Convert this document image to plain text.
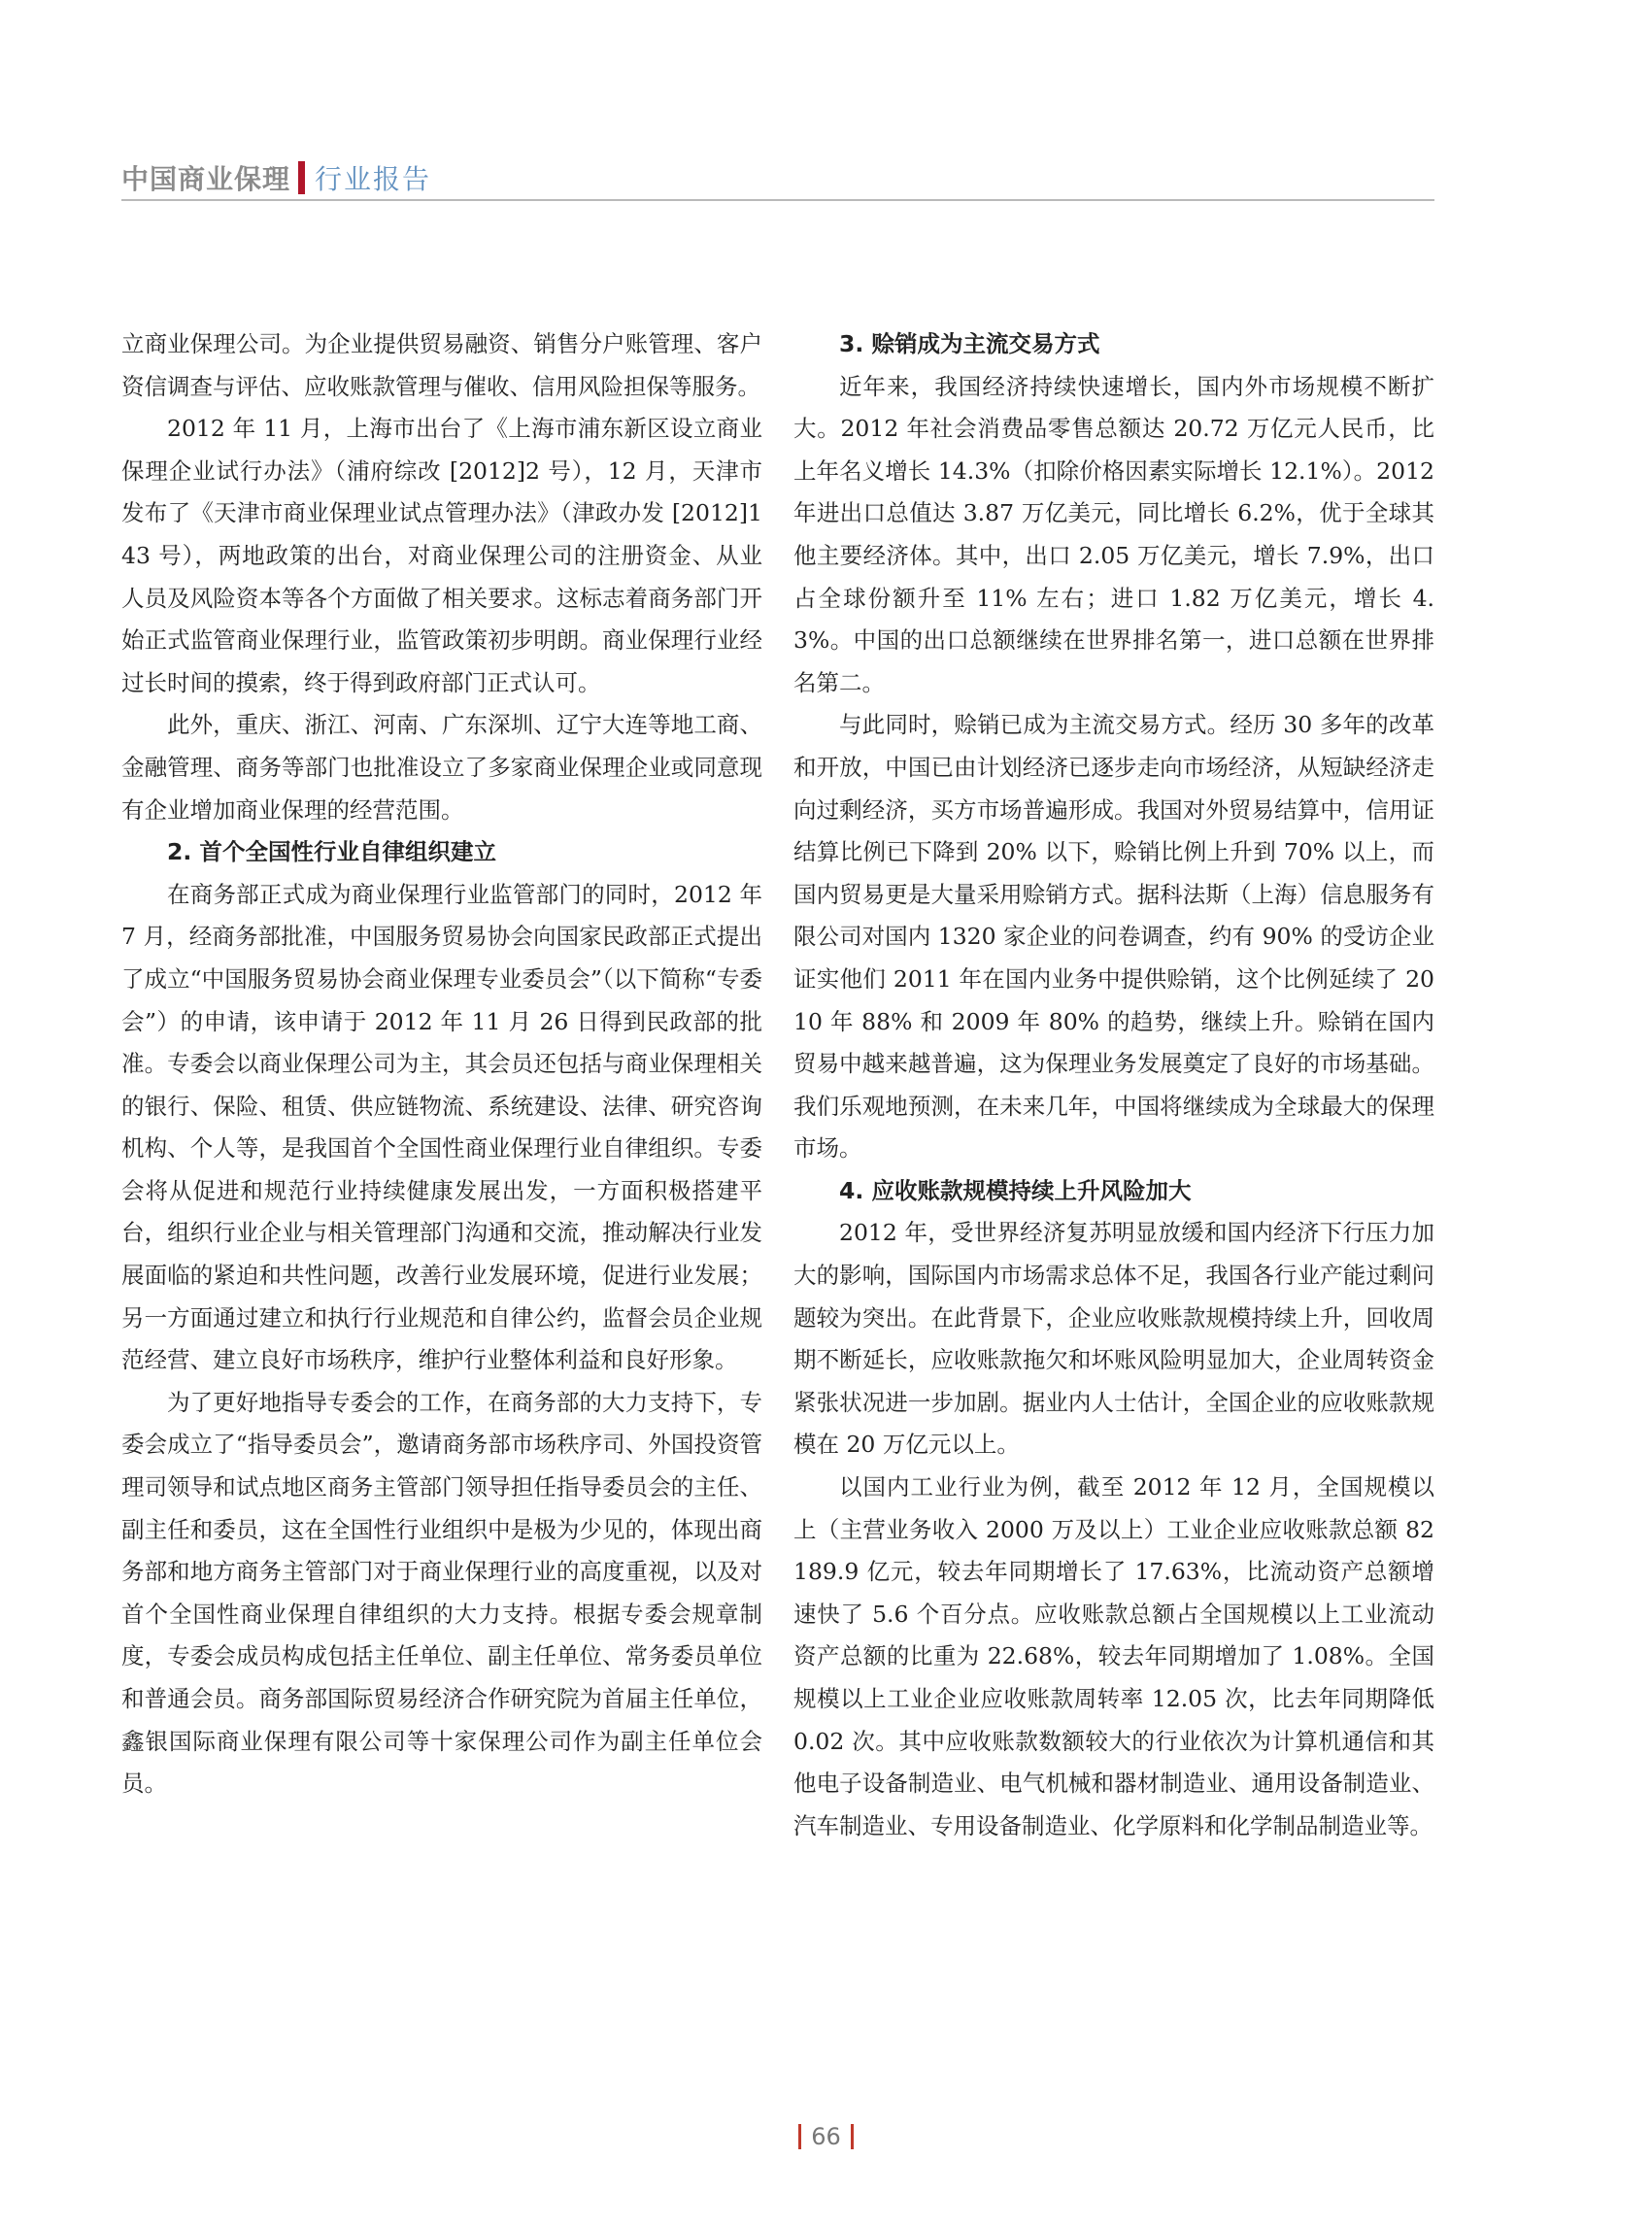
中国商业保理 行业报告

立商业保理公司。为企业提供贸易融资、销售分户账管理、客户资信调查与评估、应收账款管理与催收、信用风险担保等服务。

2012 年 11 月，上海市出台了《上海市浦东新区设立商业保理企业试行办法》（浦府综改 [2012]2 号），12 月，天津市发布了《天津市商业保理业试点管理办法》（津政办发 [2012]143 号），两地政策的出台，对商业保理公司的注册资金、从业人员及风险资本等各个方面做了相关要求。这标志着商务部门开始正式监管商业保理行业，监管政策初步明朗。商业保理行业经过长时间的摸索，终于得到政府部门正式认可。

此外，重庆、浙江、河南、广东深圳、辽宁大连等地工商、金融管理、商务等部门也批准设立了多家商业保理企业或同意现有企业增加商业保理的经营范围。

2. 首个全国性行业自律组织建立

在商务部正式成为商业保理行业监管部门的同时，2012 年 7 月，经商务部批准，中国服务贸易协会向国家民政部正式提出了成立“中国服务贸易协会商业保理专业委员会”（以下简称“专委会”）的申请，该申请于 2012 年 11 月 26 日得到民政部的批准。专委会以商业保理公司为主，其会员还包括与商业保理相关的银行、保险、租赁、供应链物流、系统建设、法律、研究咨询机构、个人等，是我国首个全国性商业保理行业自律组织。专委会将从促进和规范行业持续健康发展出发，一方面积极搭建平台，组织行业企业与相关管理部门沟通和交流，推动解决行业发展面临的紧迫和共性问题，改善行业发展环境，促进行业发展；另一方面通过建立和执行行业规范和自律公约，监督会员企业规范经营、建立良好市场秩序，维护行业整体利益和良好形象。

为了更好地指导专委会的工作，在商务部的大力支持下，专委会成立了“指导委员会”，邀请商务部市场秩序司、外国投资管理司领导和试点地区商务主管部门领导担任指导委员会的主任、副主任和委员，这在全国性行业组织中是极为少见的，体现出商务部和地方商务主管部门对于商业保理行业的高度重视，以及对首个全国性商业保理自律组织的大力支持。根据专委会规章制度，专委会成员构成包括主任单位、副主任单位、常务委员单位和普通会员。商务部国际贸易经济合作研究院为首届主任单位，鑫银国际商业保理有限公司等十家保理公司作为副主任单位会员。

3. 赊销成为主流交易方式

近年来，我国经济持续快速增长，国内外市场规模不断扩大。2012 年社会消费品零售总额达 20.72 万亿元人民币，比上年名义增长 14.3%（扣除价格因素实际增长 12.1%）。2012 年进出口总值达 3.87 万亿美元，同比增长 6.2%，优于全球其他主要经济体。其中，出口 2.05 万亿美元，增长 7.9%，出口占全球份额升至 11% 左右；进口 1.82 万亿美元，增长 4.3%。中国的出口总额继续在世界排名第一，进口总额在世界排名第二。

与此同时，赊销已成为主流交易方式。经历 30 多年的改革和开放，中国已由计划经济已逐步走向市场经济，从短缺经济走向过剩经济，买方市场普遍形成。我国对外贸易结算中，信用证结算比例已下降到 20% 以下，赊销比例上升到 70% 以上，而国内贸易更是大量采用赊销方式。据科法斯（上海）信息服务有限公司对国内 1320 家企业的问卷调查，约有 90% 的受访企业证实他们 2011 年在国内业务中提供赊销，这个比例延续了 2010 年 88% 和 2009 年 80% 的趋势，继续上升。赊销在国内贸易中越来越普遍，这为保理业务发展奠定了良好的市场基础。我们乐观地预测，在未来几年，中国将继续成为全球最大的保理市场。

4. 应收账款规模持续上升风险加大

2012 年，受世界经济复苏明显放缓和国内经济下行压力加大的影响，国际国内市场需求总体不足，我国各行业产能过剩问题较为突出。在此背景下，企业应收账款规模持续上升，回收周期不断延长，应收账款拖欠和坏账风险明显加大，企业周转资金紧张状况进一步加剧。据业内人士估计，全国企业的应收账款规模在 20 万亿元以上。

以国内工业行业为例，截至 2012 年 12 月，全国规模以上（主营业务收入 2000 万及以上）工业企业应收账款总额 82189.9 亿元，较去年同期增长了 17.63%，比流动资产总额增速快了 5.6 个百分点。应收账款总额占全国规模以上工业流动资产总额的比重为 22.68%，较去年同期增加了 1.08%。全国规模以上工业企业应收账款周转率 12.05 次，比去年同期降低 0.02 次。其中应收账款数额较大的行业依次为计算机通信和其他电子设备制造业、电气机械和器材制造业、通用设备制造业、汽车制造业、专用设备制造业、化学原料和化学制品制造业等。

66
